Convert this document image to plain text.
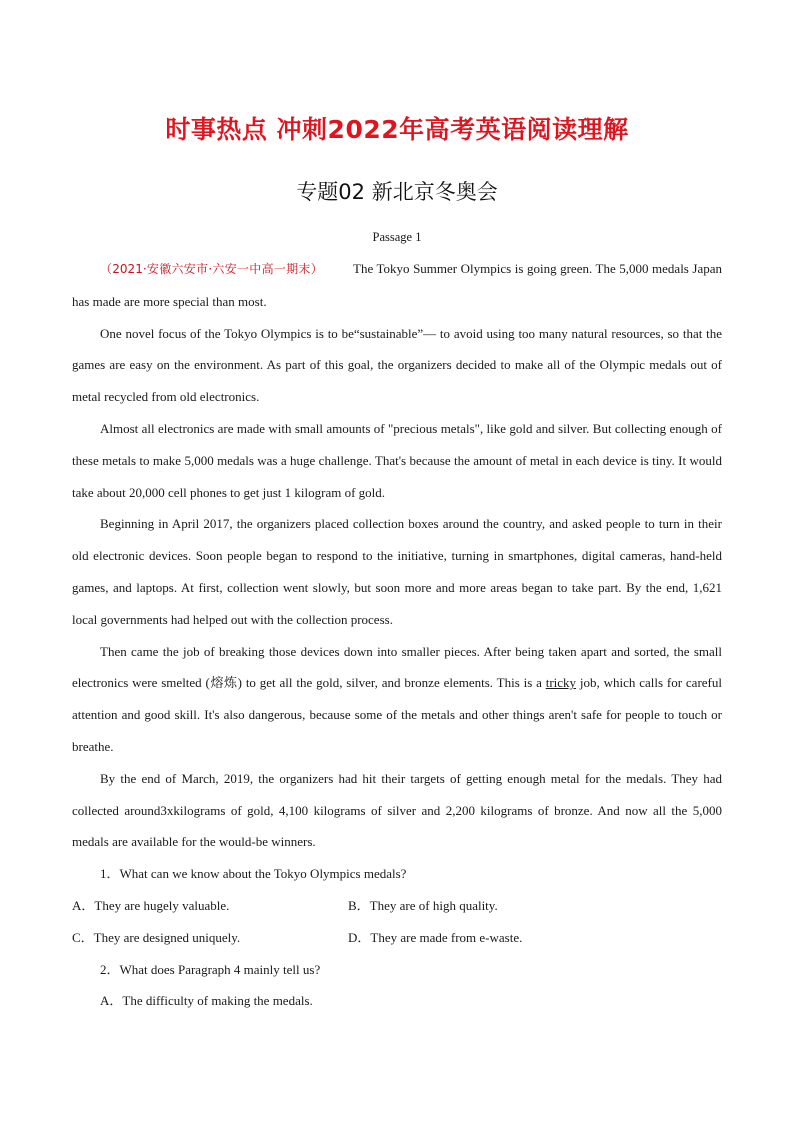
时事热点 冲刺2022年高考英语阅读理解
专题02 新北京冬奥会
Passage 1

（2021·安徽六安市·六安一中高一期末） The Tokyo Summer Olympics is going green. The 5,000 medals Japan has made are more special than most.

One novel focus of the Tokyo Olympics is to be“sustainable”— to avoid using too many natural resources, so that the games are easy on the environment. As part of this goal, the organizers decided to make all of the Olympic medals out of metal recycled from old electronics.

Almost all electronics are made with small amounts of "precious metals", like gold and silver. But collecting enough of these metals to make 5,000 medals was a huge challenge. That's because the amount of metal in each device is tiny. It would take about 20,000 cell phones to get just 1 kilogram of gold.

Beginning in April 2017, the organizers placed collection boxes around the country, and asked people to turn in their old electronic devices. Soon people began to respond to the initiative, turning in smartphones, digital cameras, hand-held games, and laptops. At first, collection went slowly, but soon more and more areas began to take part. By the end, 1,621 local governments had helped out with the collection process.

Then came the job of breaking those devices down into smaller pieces. After being taken apart and sorted, the small electronics were smelted (熔炼) to get all the gold, silver, and bronze elements. This is a tricky job, which calls for careful attention and good skill. It's also dangerous, because some of the metals and other things aren't safe for people to touch or breathe.

By the end of March, 2019, the organizers had hit their targets of getting enough metal for the medals. They had collected around3xkilograms of gold, 4,100 kilograms of silver and 2,200 kilograms of bronze. And now all the 5,000 medals are available for the would-be winners.

1．What can we know about the Tokyo Olympics medals?

A．They are hugely valuable.	B．They are of high quality.
C．They are designed uniquely.	D．They are made from e-waste.

2．What does Paragraph 4 mainly tell us?

A．The difficulty of making the medals.
